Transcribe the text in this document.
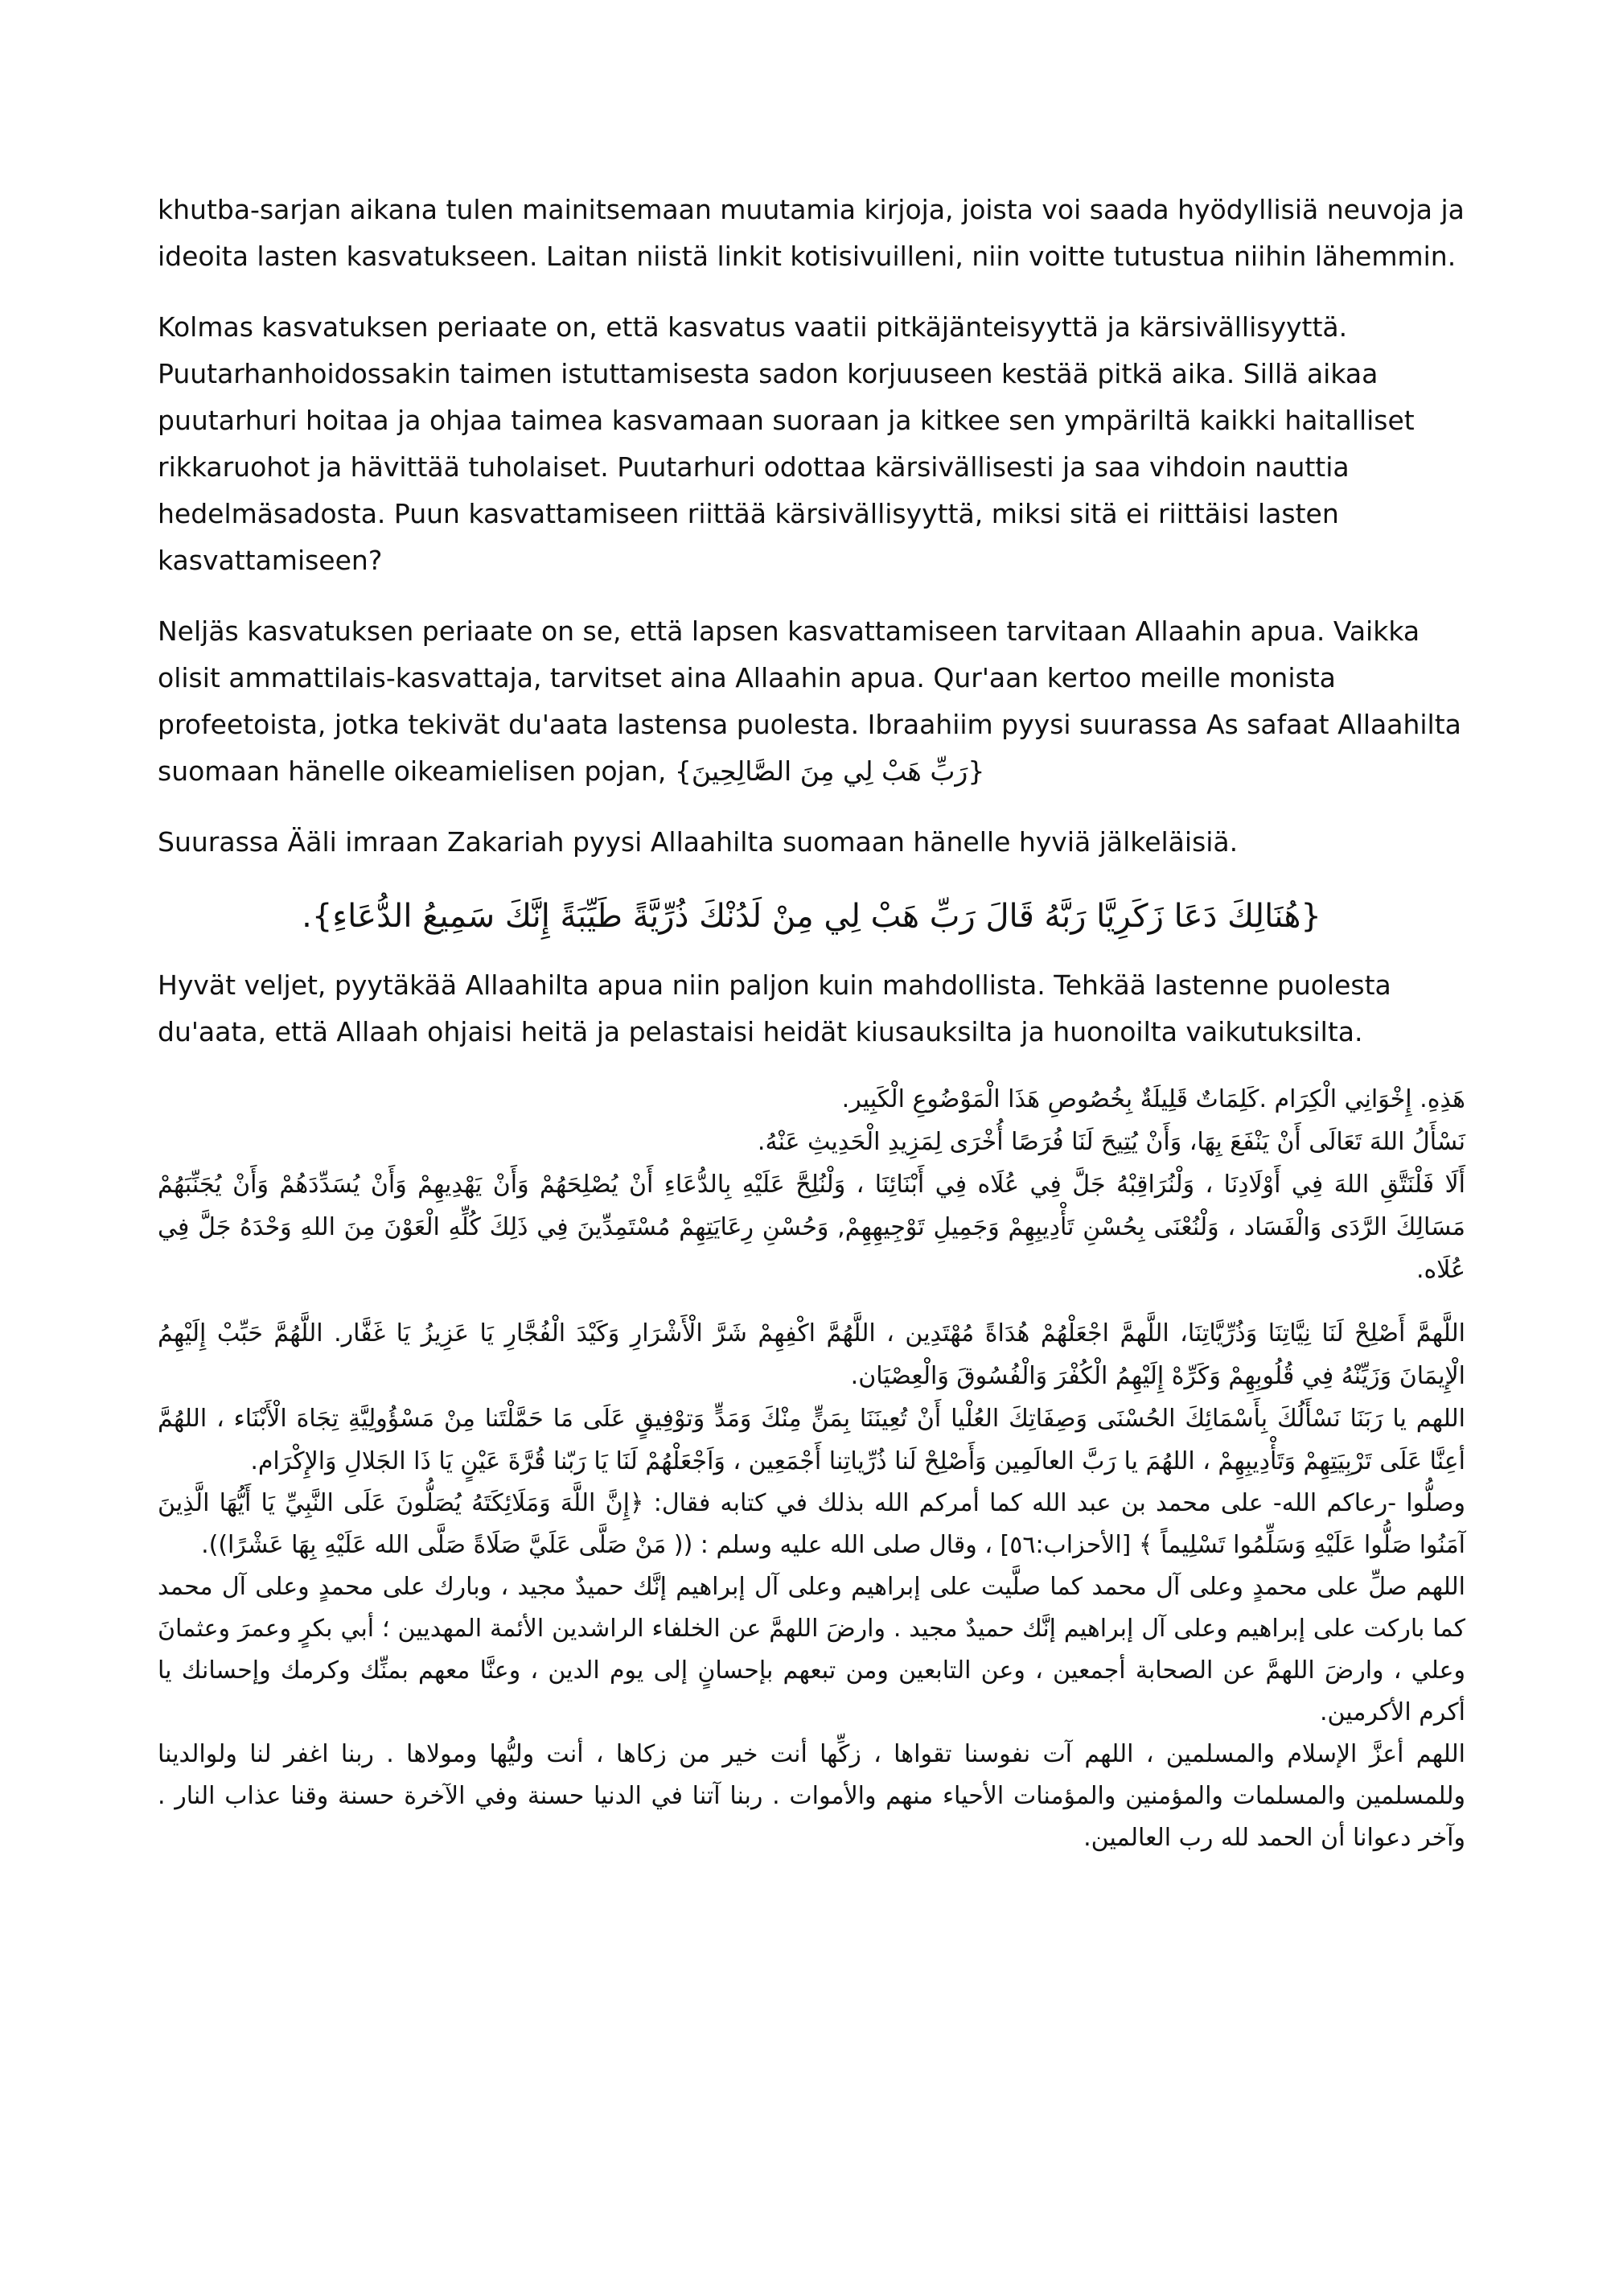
khutba-sarjan aikana tulen mainitsemaan muutamia kirjoja, joista voi saada hyödyllisiä neuvoja ja ideoita lasten kasvatukseen. Laitan niistä linkit kotisivuilleni, niin voitte tutustua niihin lähemmin.

Kolmas kasvatuksen periaate on, että kasvatus vaatii pitkäjänteisyyttä ja kärsivällisyyttä. Puutarhanhoidossakin taimen istuttamisesta sadon korjuuseen kestää pitkä aika. Sillä aikaa puutarhuri hoitaa ja ohjaa taimea kasvamaan suoraan ja kitkee sen ympäriltä kaikki haitalliset rikkaruohot ja hävittää tuholaiset. Puutarhuri odottaa kärsivällisesti ja saa vihdoin nauttia hedelmäsadosta. Puun kasvattamiseen riittää kärsivällisyyttä, miksi sitä ei riittäisi lasten kasvattamiseen?

Neljäs kasvatuksen periaate on se, että lapsen kasvattamiseen tarvitaan Allaahin apua. Vaikka olisit ammattilais-kasvattaja, tarvitset aina Allaahin apua. Qur'aan kertoo meille monista profeetoista, jotka tekivät du'aata lastensa puolesta. Ibraahiim pyysi suurassa As safaat Allaahilta suomaan hänelle oikeamielisen pojan, {رَبِّ هَبْ لِي مِنَ الصَّالِحِينَ}

Suurassa Ääli imraan Zakariah pyysi Allaahilta suomaan hänelle hyviä jälkeläisiä.

{هُنَالِكَ دَعَا زَكَرِيَّا رَبَّهُ قَالَ رَبِّ هَبْ لِي مِنْ لَدُنْكَ ذُرِّيَّةً طَيِّبَةً إِنَّكَ سَمِيعُ الدُّعَاءِ}.

Hyvät veljet, pyytäkää Allaahilta apua niin paljon kuin mahdollista. Tehkää lastenne puolesta du'aata, että Allaah ohjaisi heitä ja pelastaisi heidät kiusauksilta ja huonoilta vaikutuksilta.

هَذِهِ. إِخْوَانِي الْكِرَام .كَلِمَاتٌ قَلِيلَةٌ بِخُصُوصِ هَذَا الْمَوْضُوعِ الْكَبِير.

نَسْأَلُ اللهَ تَعَالَى أَنْ يَنْفَعَ بِهَا، وَأَنْ يُتِيحَ لَنَا فُرَصًا أُخْرَى لِمَزِيدِ الْحَدِيثِ عَنْهُ.

أَلَا فَلْنَتَّقِ اللهَ فِي أَوْلَادِنَا ، وَلْنُرَاقِبْهُ جَلَّ فِي عُلَاه فِي أَبْنَائِنَا ، وَلْنُلِحَّ عَلَيْهِ بِالدُّعَاءِ أَنْ يُصْلِحَهُمْ وَأَنْ يَهْدِيهِمْ وَأَنْ يُسَدِّدَهُمْ وَأَنْ يُجَنِّبَهُمْ مَسَالِكَ الرَّدَى وَالْفَسَاد ، وَلْنُعْنَى بِحُسْنِ تَأْدِيبِهِمْ وَجَمِيلِ تَوْجِيهِهِمْ, وَحُسْنِ رِعَايَتِهِمْ مُسْتَمِدِّينَ فِي ذَلِكَ كُلِّهِ الْعَوْنَ مِنَ اللهِ وَحْدَهُ جَلَّ فِي عُلَاه.

اللَّهمَّ أَصْلِحْ لَنَا نِيَّاتِنَا وَذُرِّيَّاتِنَا، اللَّهمَّ اجْعَلْهُمْ هُدَاةً مُهْتَدِين ، اللَّهُمَّ اكْفِهِمْ شَرَّ الْأَشْرَارِ وَكَيْدَ الْفُجَّارِ يَا عَزِيزُ يَا غَفَّار. اللَّهُمَّ حَبِّبْ إِلَيْهِمُ الْإِيمَانَ وَزَيِّنْهُ فِي قُلُوبِهِمْ وَكَرِّهْ إِلَيْهِمُ الْكُفْرَ وَالْفُسُوقَ وَالْعِصْيَان.

اللهم يا رَبَنَا نَسْأَلُكَ بِأَسْمَائِكَ الحُسْنَى وَصِفَاتِكَ العُلْيا أَنْ تُعِينَنَا بِمَنٍّ مِنْكَ وَمَدٍّ وَتوْفِيقٍ عَلَى مَا حَمَّلْتَنا مِنْ مَسْؤُولِيَّةِ تِجَاهَ الْأَبْنَاء ، اللهُمَّ أعِنَّا عَلَى تَرْبِيَتِهِمْ وَتَأْدِيبِهِمْ ، اللهُمَ يا رَبَّ العالَمِين وَأَصْلِحْ لَنا ذُرِّياتِنا أَجْمَعِين ، وَاَجْعَلْهُمْ لَنَا يَا رَبّنا قُرَّةَ عَيْنٍ يَا ذَا الجَلالِ وَالإِكْرَام.

وصلُّوا -رعاكم الله- على محمد بن عبد الله كما أمركم الله بذلك في كتابه فقال: ﴿إِنَّ اللَّهَ وَمَلَائِكَتَهُ يُصَلُّونَ عَلَى النَّبِيِّ يَا أَيُّهَا الَّذِينَ آمَنُوا صَلُّوا عَلَيْهِ وَسَلِّمُوا تَسْلِيماً ﴾ [الأحزاب:٥٦] ، وقال صلى الله عليه وسلم : (( مَنْ صَلَّى عَلَيَّ صَلَاةً صَلَّى الله عَلَيْهِ بِهَا عَشْرًا)).

اللهم صلِّ على محمدٍ وعلى آل محمد كما صلَّيت على إبراهيم وعلى آل إبراهيم إنَّك حميدٌ مجيد ، وبارك على محمدٍ وعلى آل محمد كما باركت على إبراهيم وعلى آل إبراهيم إنَّك حميدٌ مجيد . وارضَ اللهمَّ عن الخلفاء الراشدين الأئمة المهديين ؛ أبي بكرٍ وعمرَ وعثمانَ وعلي ، وارضَ اللهمَّ عن الصحابة أجمعين ، وعن التابعين ومن تبعهم بإحسانٍ إلى يوم الدين ، وعنَّا معهم بمنِّك وكرمك وإحسانك يا أكرم الأكرمين.

اللهم أعزَّ الإسلام والمسلمين ، اللهم آت نفوسنا تقواها ، زكِّها أنت خير من زكاها ، أنت وليُّها ومولاها . ربنا اغفر لنا ولوالدينا وللمسلمين والمسلمات والمؤمنين والمؤمنات الأحياء منهم والأموات . ربنا آتنا في الدنيا حسنة وفي الآخرة حسنة وقنا عذاب النار . وآخر دعوانا أن الحمد لله رب العالمين.
